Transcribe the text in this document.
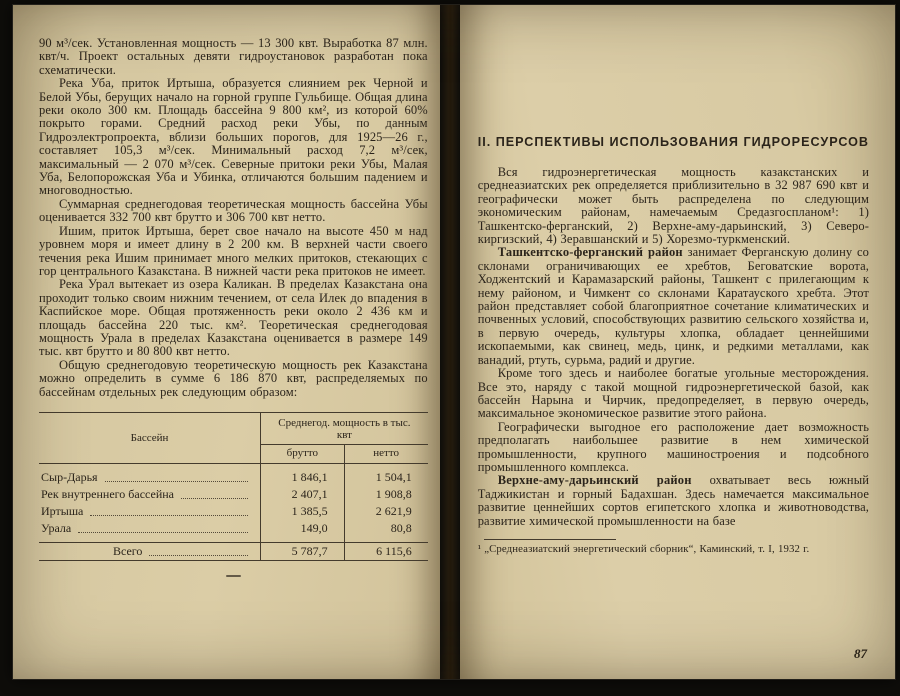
90 м³/сек. Установленная мощность — 13 300 квт. Выработка 87 млн. квт/ч. Проект остальных девяти гидроустановок разработан пока схематически.

Река Уба, приток Иртыша, образуется слиянием рек Черной и Белой Убы, берущих начало на горной группе Гульбище. Общая длина реки около 300 км. Площадь бассейна 9 800 км², из которой 60% покрыто горами. Средний расход реки Убы, по данным Гидроэлектропроекта, вблизи больших порогов, для 1925—26 г., составляет 105,3 м³/сек. Минимальный расход 7,2 м³/сек, максимальный — 2 070 м³/сек. Северные притоки реки Убы, Малая Уба, Белопорожская Уба и Убинка, отличаются большим падением и многоводностью.

Суммарная среднегодовая теоретическая мощность бассейна Убы оценивается 332 700 квт брутто и 306 700 квт нетто.

Ишим, приток Иртыша, берет свое начало на высоте 450 м над уровнем моря и имеет длину в 2 200 км. В верхней части своего течения река Ишим принимает много мелких притоков, стекающих с гор центрального Казакстана. В нижней части река притоков не имеет.

Река Урал вытекает из озера Каликан. В пределах Казакстана она проходит только своим нижним течением, от села Илек до впадения в Каспийское море. Общая протяженность реки около 2 436 км и площадь бассейна 220 тыс. км². Теоретическая среднегодовая мощность Урала в пределах Казакстана оценивается в размере 149 тыс. квт брутто и 80 800 квт нетто.

Общую среднегодовую теоретическую мощность рек Казакстана можно определить в сумме 6 186 870 квт, распределяемых по бассейнам отдельных рек следующим образом:

Бассейн	Среднегод. мощность в тыс. квт	
	брутто	нетто

Сыр-Дарья	1 846,1	1 504,1

Рек внутреннего бассейна	2 407,1	1 908,8

Иртыша	1 385,5	2 621,9

Урала	149,0	80,8

Всего	5 787,7	6 115,6
II. ПЕРСПЕКТИВЫ ИСПОЛЬЗОВАНИЯ ГИДРОРЕСУРСОВ

Вся гидроэнергетическая мощность казакстанских и среднеазиатских рек определяется приблизительно в 32 987 690 квт и географически может быть распределена по следующим экономическим районам, намечаемым Средазгоспланом¹: 1) Ташкентско-ферганский, 2) Верхне-аму-дарьинский, 3) Северо-киргизский, 4) Зеравшанский и 5) Хорезмо-туркменский.

Ташкентско-ферганский район занимает Ферганскую долину со склонами ограничивающих ее хребтов, Беговатские ворота, Ходжентский и Карамазарский районы, Ташкент с прилегающим к нему районом, и Чимкент со склонами Каратауского хребта. Этот район представляет собой благоприятное сочетание климатических и почвенных условий, способствующих развитию сельского хозяйства и, в первую очередь, культуры хлопка, обладает ценнейшими ископаемыми, как свинец, медь, цинк, и редкими металлами, как ванадий, ртуть, сурьма, радий и другие.

Кроме того здесь и наиболее богатые угольные месторождения. Все это, наряду с такой мощной гидроэнергетической базой, как бассейн Нарына и Чирчик, предопределяет, в первую очередь, максимальное экономическое развитие этого района.

Географически выгодное его расположение дает возможность предполагать наибольшее развитие в нем химической промышленности, крупного машиностроения и подсобного промышленного комплекса.

Верхне-аму-дарьинский район охватывает весь южный Таджикистан и горный Бадахшан. Здесь намечается максимальное развитие ценнейших сортов египетского хлопка и животноводства, развитие химической промышленности на базе

¹ „Среднеазиатский энергетический сборник“, Каминский, т. I, 1932 г.

87
